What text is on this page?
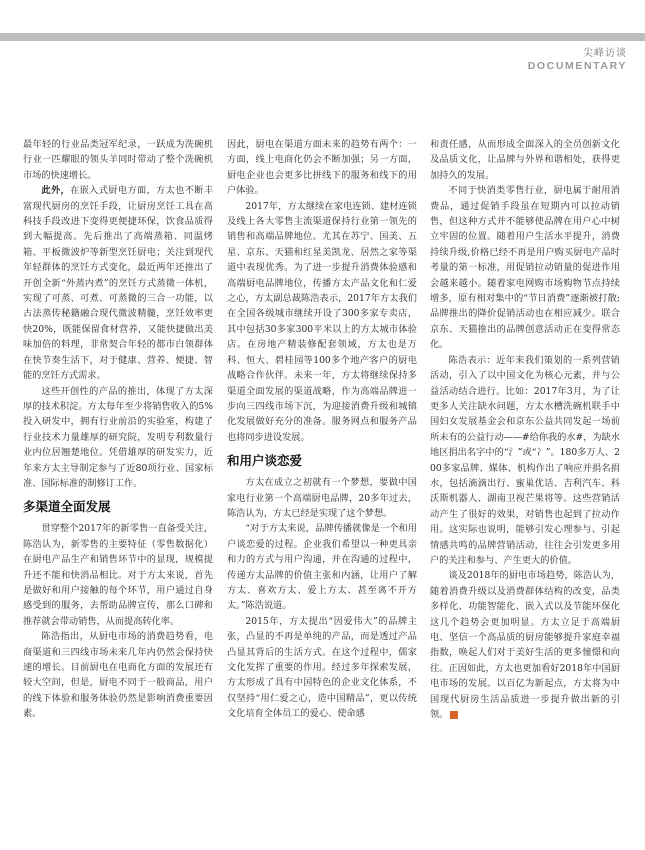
尖峰访谈
DOCUMENTARY

最年轻的行业品类冠军纪录，一跃成为洗碗机行业一匹耀眼的领头羊同时带动了整个洗碗机市场的快速增长。

此外，在嵌入式厨电方面，方太也不断丰富现代厨房的烹饪手段，让厨房烹饪工具在高科技手段改进下变得更便捷环保，饮食品质得到大幅提高。先后推出了高端蒸箱、同温烤箱、平板微波炉等新型烹饪厨电；关注到现代年轻群体的烹饪方式变化，最近两年还推出了开创全新“外蒸内煮”的烹饪方式蒸微一体机，实现了可蒸、可煮、可蒸微的三合一功能，以古法蒸传秘籍融合现代微波精髓，烹饪效率更快20%，既能保留食材营养，又能快捷做出美味加倍的料理，非常契合年轻的都市白领群体在快节奏生活下，对于健康、营养、便捷、智能的烹饪方式需求。

这些开创性的产品的推出，体现了方太深厚的技术积淀。方太每年至少将销售收入的5%投入研发中，拥有行业前沿的实验室，构建了行业技术力量雄厚的研究院，发明专利数量行业内位居翘楚地位。凭借雄厚的研发实力，近年来方太主导制定参与了近80项行业、国家标准、国际标准的制修订工作。

多渠道全面发展

贯穿整个2017年的新零售一直备受关注，陈浩认为，新零售的主要特征（零售数据化）在厨电产品生产和销售环节中的显现，规模提升还不能和快消品相比。对于方太来说，首先是做好和用户接触的每个环节，用户通过自身感受到的服务，去帮助品牌宣传，那么口碑和推荐就会带动销售，从而提高转化率。

陈浩指出，从厨电市场的消费趋势看，电商渠道和三四线市场未来几年内仍然会保持快速的增长。目前厨电在电商化方面的发展还有较大空间，但是，厨电不同于一般商品，用户的线下体验和服务体验仍然是影响消费重要因素。

因此，厨电在渠道方面未来的趋势有两个：一方面，线上电商化仍会不断加强；另一方面，厨电企业也会更多比拼线下的服务和线下的用户体验。

2017年，方太继续在家电连锁、建材连锁及线上各大零售主流渠道保持行业第一领先的销售和高端品牌地位。尤其在苏宁、国美、五星、京东、天猫和红星美凯龙、居然之家等渠道中表现优秀。为了进一步提升消费体验感和高端厨电品牌地位，传播方太产品文化和仁爱之心，方太副总裁陈浩表示，2017年方太我们在全国各级城市继续开设了300多家专卖店，其中包括30多家300平米以上的方太城市体验店。在房地产精装修配套领域，方太也是万科、恒大、碧桂园等100多个地产客户的厨电战略合作伙伴。未来一年，方太将继续保持多渠道全面发展的渠道战略，作为高端品牌进一步向三四线市场下沉，为迎接消费升级和城镇化发展做好充分的准备。服务网点和服务产品也将同步进设发展。

和用户谈恋爱

方太在成立之初就有一个梦想，要做中国家电行业第一个高端厨电品牌，20多年过去，陈浩认为，方太已经是实现了这个梦想。

“对于方太来说，品牌传播就像是一个和用户谈恋爱的过程。企业我们希望以一种更具亲和力的方式与用户沟通，并在沟通的过程中，传递方太品牌的价值主张和内涵，让用户了解方太、喜欢方太、爱上方太、甚至离不开方太。”陈浩说道。

2015年，方太提出“因爱伟大”的品牌主张，凸显的不再是单纯的产品，而是透过产品凸显其背后的生活方式。在这个过程中，儒家文化发挥了重要的作用。经过多年探索发展，方太形成了具有中国特色的企业文化体系，不仅坚持“用仁爱之心，造中国精品”，更以传统文化培育全体员工的爱心、使命感

和责任感，从而形成全面深入的全员创新文化及品质文化，让品牌与外界和谐相处，获得更加持久的发展。

不同于快消类零售行业，厨电属于耐用消费品，通过促销手段虽在短期内可以拉动销售，但这种方式并不能够使品牌在用户心中树立牢固的位置。随着用户生活水平提升，消费持续升级,价格已经不再是用户购买厨电产品时考量的第一标准，用促销拉动销量的促进作用会越来越小。随着家电网购市场购物节点持续增多，原有相对集中的“节日消费”逐渐被打散;品牌推出的降价促销活动也在相应减少。联合京东、天猫推出的品牌创意活动正在变得常态化。

陈浩表示：近年来我们策划的一系列营销活动，引入了以中国文化为核心元素，并与公益活动结合进行。比如：2017年3月，为了让更多人关注缺水问题，方太水槽洗碗机联手中国妇女发展基金会和京东公益共同发起一场前所未有的公益行动——#给你我的水#，为缺水地区捐出名字中的“氵”或“冫”。180多万人、200多家品牌、媒体、机构作出了响应并捐名捐水，包括滴滴出行、蜜巢优话、吉利汽车、科沃斯机器人、湖南卫视芒果将等。这些营销活动产生了很好的效果，对销售也起到了拉动作用。这实际也说明，能够引发心理参与、引起情感共鸣的品牌营销活动，往往会引发更多用户的关注和参与、产生更大的价值。

谈及2018年的厨电市场趋势，陈浩认为，随着消费升级以及消费群体结构的改变，品类多样化、功能智能化、嵌入式以及节能环保化这几个趋势会更加明显。方太立足于高端厨电、坚信一个高品质的厨房能够提升家庭幸福指数，唤起人们对于美好生活的更多憧憬和向往。正因如此，方太也更加看好2018年中国厨电市场的发展。以百亿为新起点，方太将为中国现代厨房生活品质进一步提升做出新的引领。	◎
